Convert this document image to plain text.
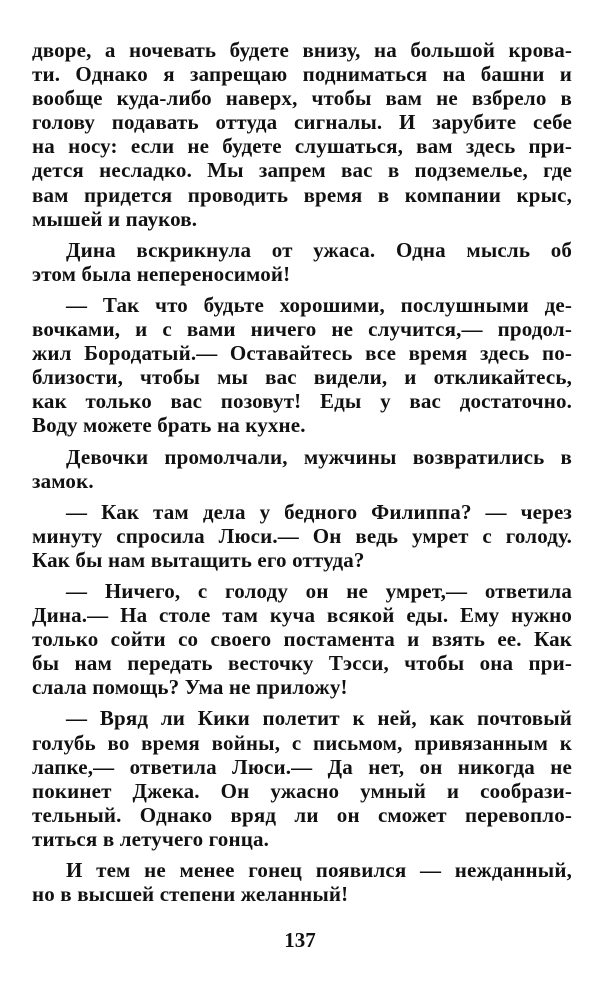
дворе, а ночевать будете внизу, на большой крова-
ти. Однако я запрещаю подниматься на башни и
вообще куда-либо наверх, чтобы вам не взбрело в
голову подавать оттуда сигналы. И зарубите себе
на носу: если не будете слушаться, вам здесь при-
дется несладко. Мы запрем вас в подземелье, где
вам придется проводить время в компании крыс,
мышей и пауков.
Дина вскрикнула от ужаса. Одна мысль об
этом была непереносимой!
— Так что будьте хорошими, послушными де-
вочками, и с вами ничего не случится,— продол-
жил Бородатый.— Оставайтесь все время здесь по-
близости, чтобы мы вас видели, и откликайтесь,
как только вас позовут! Еды у вас достаточно.
Воду можете брать на кухне.
Девочки промолчали, мужчины возвратились в
замок.
— Как там дела у бедного Филиппа? — через
минуту спросила Люси.— Он ведь умрет с голоду.
Как бы нам вытащить его оттуда?
— Ничего, с голоду он не умрет,— ответила
Дина.— На столе там куча всякой еды. Ему нужно
только сойти со своего постамента и взять ее. Как
бы нам передать весточку Тэсси, чтобы она при-
слала помощь? Ума не приложу!
— Вряд ли Кики полетит к ней, как почтовый
голубь во время войны, с письмом, привязанным к
лапке,— ответила Люси.— Да нет, он никогда не
покинет Джека. Он ужасно умный и сообрази-
тельный. Однако вряд ли он сможет перевопло-
титься в летучего гонца.
И тем не менее гонец появился — нежданный,
но в высшей степени желанный!
137
